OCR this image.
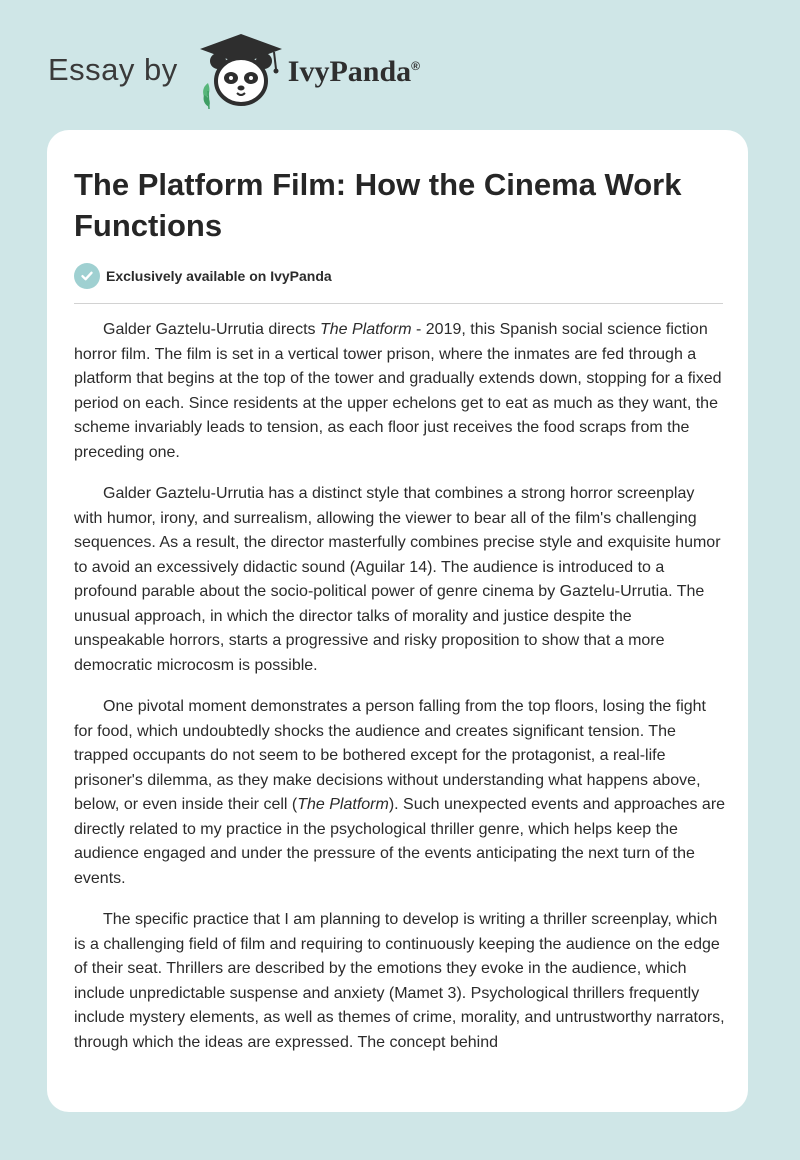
Essay by	IvyPanda®
The Platform Film: How the Cinema Work Functions
Exclusively available on IvyPanda

Galder Gaztelu-Urrutia directs The Platform - 2019, this Spanish social science fiction horror film. The film is set in a vertical tower prison, where the inmates are fed through a platform that begins at the top of the tower and gradually extends down, stopping for a fixed period on each. Since residents at the upper echelons get to eat as much as they want, the scheme invariably leads to tension, as each floor just receives the food scraps from the preceding one.

Galder Gaztelu-Urrutia has a distinct style that combines a strong horror screenplay with humor, irony, and surrealism, allowing the viewer to bear all of the film's challenging sequences. As a result, the director masterfully combines precise style and exquisite humor to avoid an excessively didactic sound (Aguilar 14). The audience is introduced to a profound parable about the socio-political power of genre cinema by Gaztelu-Urrutia. The unusual approach, in which the director talks of morality and justice despite the unspeakable horrors, starts a progressive and risky proposition to show that a more democratic microcosm is possible.

One pivotal moment demonstrates a person falling from the top floors, losing the fight for food, which undoubtedly shocks the audience and creates significant tension. The trapped occupants do not seem to be bothered except for the protagonist, a real-life prisoner's dilemma, as they make decisions without understanding what happens above, below, or even inside their cell (The Platform). Such unexpected events and approaches are directly related to my practice in the psychological thriller genre, which helps keep the audience engaged and under the pressure of the events anticipating the next turn of the events.

The specific practice that I am planning to develop is writing a thriller screenplay, which is a challenging field of film and requiring to continuously keeping the audience on the edge of their seat. Thrillers are described by the emotions they evoke in the audience, which include unpredictable suspense and anxiety (Mamet 3). Psychological thrillers frequently include mystery elements, as well as themes of crime, morality, and untrustworthy narrators, through which the ideas are expressed. The concept behind
